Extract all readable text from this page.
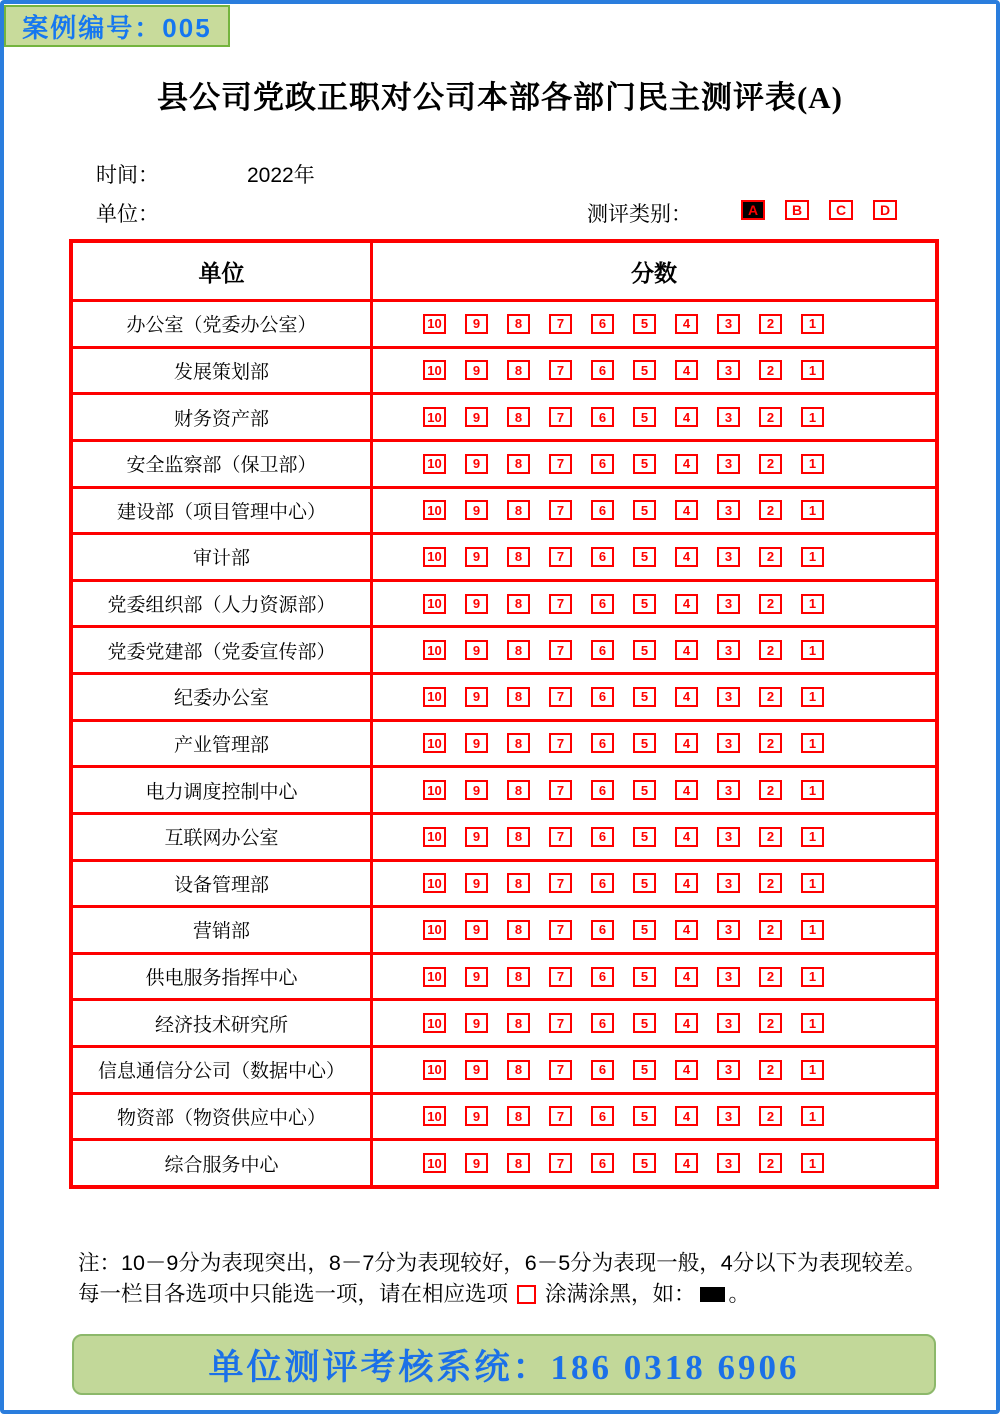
案例编号：005
县公司党政正职对公司本部各部门民主测评表(A)
时间：	2022年
单位：	测评类别：	A	B	C	D
单位	分数
办公室（党委办公室）	10	9	8	7	6	5	4	3	2	1
发展策划部	10	9	8	7	6	5	4	3	2	1
财务资产部	10	9	8	7	6	5	4	3	2	1
安全监察部（保卫部）	10	9	8	7	6	5	4	3	2	1
建设部（项目管理中心）	10	9	8	7	6	5	4	3	2	1
审计部	10	9	8	7	6	5	4	3	2	1
党委组织部（人力资源部）	10	9	8	7	6	5	4	3	2	1
党委党建部（党委宣传部）	10	9	8	7	6	5	4	3	2	1
纪委办公室	10	9	8	7	6	5	4	3	2	1
产业管理部	10	9	8	7	6	5	4	3	2	1
电力调度控制中心	10	9	8	7	6	5	4	3	2	1
互联网办公室	10	9	8	7	6	5	4	3	2	1
设备管理部	10	9	8	7	6	5	4	3	2	1
营销部	10	9	8	7	6	5	4	3	2	1
供电服务指挥中心	10	9	8	7	6	5	4	3	2	1
经济技术研究所	10	9	8	7	6	5	4	3	2	1
信息通信分公司（数据中心）	10	9	8	7	6	5	4	3	2	1
物资部（物资供应中心）	10	9	8	7	6	5	4	3	2	1
综合服务中心	10	9	8	7	6	5	4	3	2	1

注：10－9分为表现突出，8－7分为表现较好，6－5分为表现一般，4分以下为表现较差。每一栏目各选项中只能选一项，请在相应选项 涂满涂黑，如： 。

单位测评考核系统：186 0318 6906
